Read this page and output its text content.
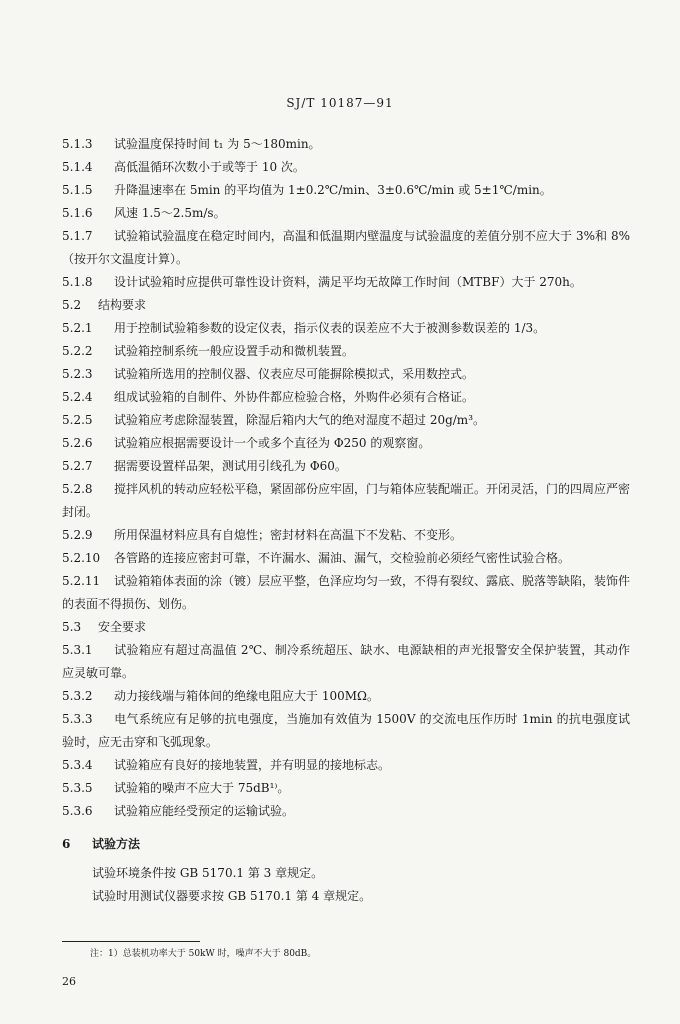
SJ/T 10187—91

5.1.3 试验温度保持时间 t₁ 为 5～180min。

5.1.4 高低温循环次数小于或等于 10 次。

5.1.5 升降温速率在 5min 的平均值为 1±0.2℃/min、3±0.6℃/min 或 5±1℃/min。

5.1.6 风速 1.5～2.5m/s。

5.1.7 试验箱试验温度在稳定时间内，高温和低温期内壁温度与试验温度的差值分别不应大于 3%和 8%（按开尔文温度计算）。

5.1.8 设计试验箱时应提供可靠性设计资料，满足平均无故障工作时间（MTBF）大于 270h。

5.2 结构要求

5.2.1 用于控制试验箱参数的设定仪表，指示仪表的误差应不大于被测参数误差的 1/3。

5.2.2 试验箱控制系统一般应设置手动和微机装置。

5.2.3 试验箱所选用的控制仪器、仪表应尽可能摒除模拟式，采用数控式。

5.2.4 组成试验箱的自制件、外协件都应检验合格，外购件必须有合格证。

5.2.5 试验箱应考虑除湿装置，除湿后箱内大气的绝对湿度不超过 20g/m³。

5.2.6 试验箱应根据需要设计一个或多个直径为 Φ250 的观察窗。

5.2.7 据需要设置样品架，测试用引线孔为 Φ60。

5.2.8 搅拌风机的转动应轻松平稳，紧固部份应牢固，门与箱体应装配端正。开闭灵活，门的四周应严密封闭。

5.2.9 所用保温材料应具有自熄性；密封材料在高温下不发粘、不变形。

5.2.10 各管路的连接应密封可靠，不许漏水、漏油、漏气，交检验前必须经气密性试验合格。

5.2.11 试验箱箱体表面的涂（镀）层应平整，色泽应均匀一致，不得有裂纹、露底、脱落等缺陷，装饰件的表面不得损伤、划伤。

5.3 安全要求

5.3.1 试验箱应有超过高温值 2℃、制冷系统超压、缺水、电源缺相的声光报警安全保护装置，其动作应灵敏可靠。

5.3.2 动力接线端与箱体间的绝缘电阻应大于 100MΩ。

5.3.3 电气系统应有足够的抗电强度，当施加有效值为 1500V 的交流电压作历时 1min 的抗电强度试验时，应无击穿和飞弧现象。

5.3.4 试验箱应有良好的接地装置，并有明显的接地标志。

5.3.5 试验箱的噪声不应大于 75dB¹⁾。

5.3.6 试验箱应能经受预定的运输试验。

6 试验方法

试验环境条件按 GB 5170.1 第 3 章规定。

试验时用测试仪器要求按 GB 5170.1 第 4 章规定。

注：1）总装机功率大于 50kW 时，噪声不大于 80dB。
26
